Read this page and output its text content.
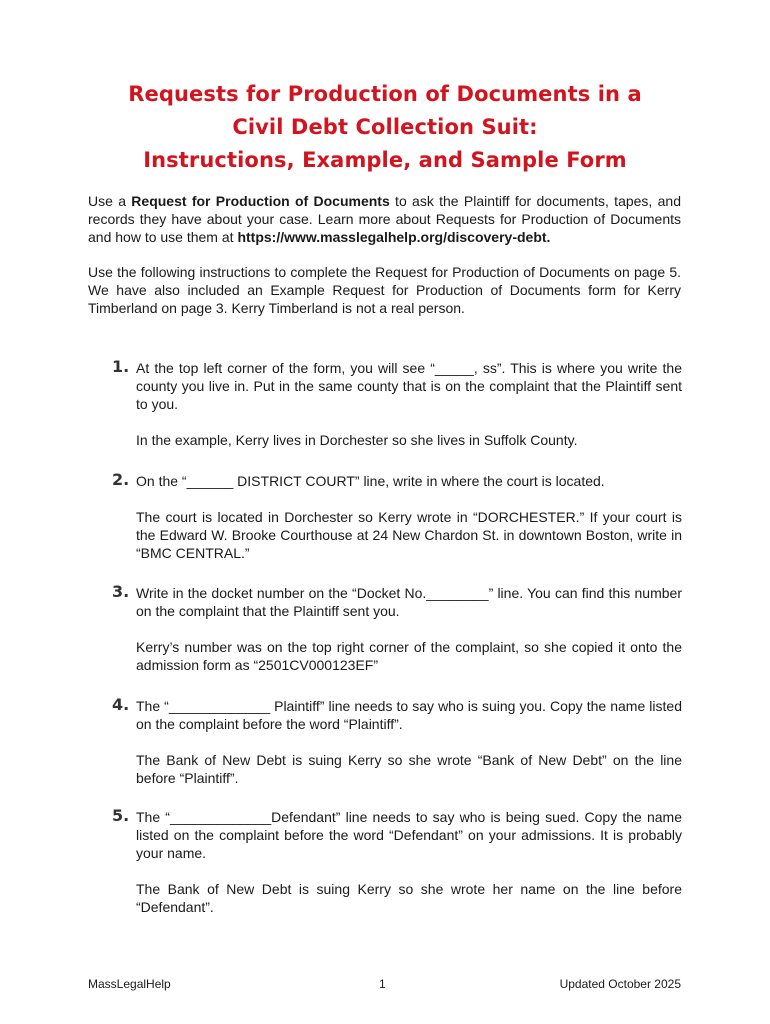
Requests for Production of Documents in a
Civil Debt Collection Suit:
Instructions, Example, and Sample Form
Use a Request for Production of Documents to ask the Plaintiff for documents, tapes, and records they have about your case. Learn more about Requests for Production of Documents and how to use them at https://www.masslegalhelp.org/discovery-debt.
Use the following instructions to complete the Request for Production of Documents on page 5. We have also included an Example Request for Production of Documents form for Kerry Timberland on page 3. Kerry Timberland is not a real person.
1. At the top left corner of the form, you will see “_____, ss”. This is where you write the county you live in. Put in the same county that is on the complaint that the Plaintiff sent to you.
In the example, Kerry lives in Dorchester so she lives in Suffolk County.
2. On the “______ DISTRICT COURT” line, write in where the court is located.
The court is located in Dorchester so Kerry wrote in “DORCHESTER.” If your court is the Edward W. Brooke Courthouse at 24 New Chardon St. in downtown Boston, write in “BMC CENTRAL.”
3. Write in the docket number on the “Docket No.________” line. You can find this number on the complaint that the Plaintiff sent you.
Kerry’s number was on the top right corner of the complaint, so she copied it onto the admission form as “2501CV000123EF”
4. The “_____________ Plaintiff” line needs to say who is suing you. Copy the name listed on the complaint before the word “Plaintiff”.
The Bank of New Debt is suing Kerry so she wrote “Bank of New Debt” on the line before “Plaintiff”.
5. The “_____________Defendant” line needs to say who is being sued. Copy the name listed on the complaint before the word “Defendant” on your admissions. It is probably your name.
The Bank of New Debt is suing Kerry so she wrote her name on the line before “Defendant”.
MassLegalHelp	1	Updated October 2025
